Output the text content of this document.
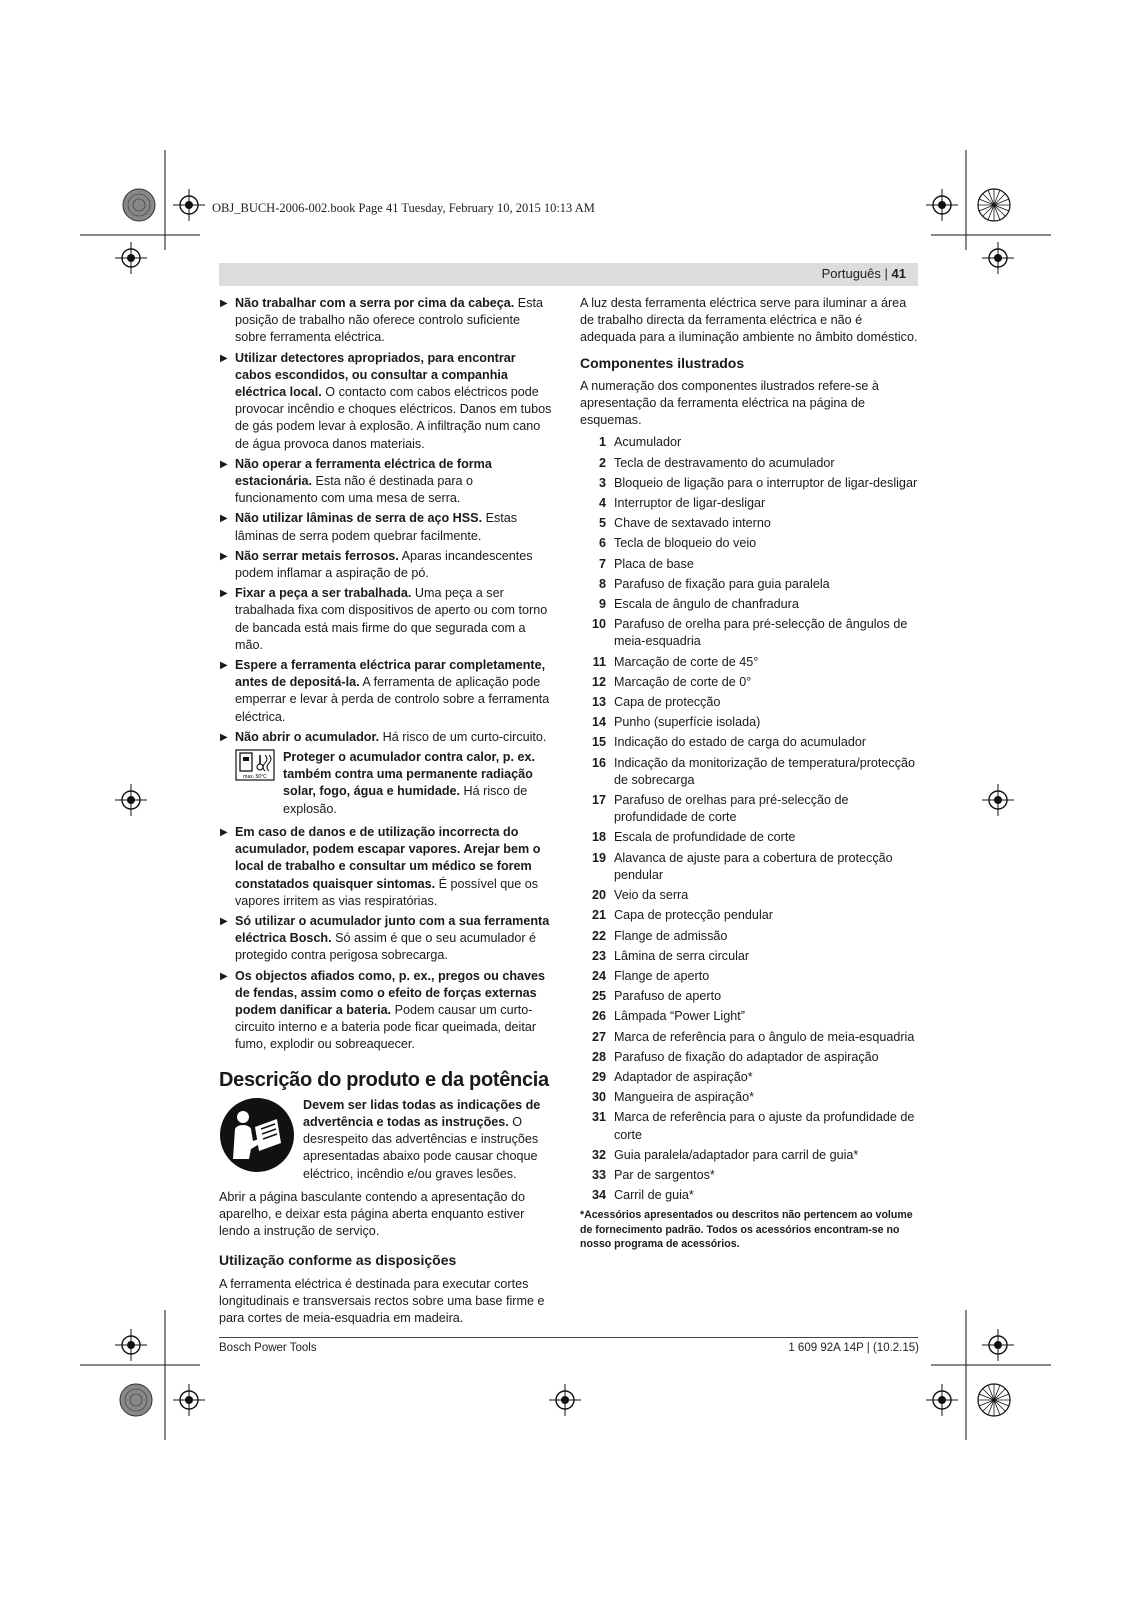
OBJ_BUCH-2006-002.book Page 41 Tuesday, February 10, 2015 10:13 AM
Português | 41
▶ Não trabalhar com a serra por cima da cabeça. Esta posição de trabalho não oferece controlo suficiente sobre ferramenta eléctrica.
▶ Utilizar detectores apropriados, para encontrar cabos escondidos, ou consultar a companhia eléctrica local. O contacto com cabos eléctricos pode provocar incêndio e choques eléctricos. Danos em tubos de gás podem levar à explosão. A infiltração num cano de água provoca danos materiais.
▶ Não operar a ferramenta eléctrica de forma estacionária. Esta não é destinada para o funcionamento com uma mesa de serra.
▶ Não utilizar lâminas de serra de aço HSS. Estas lâminas de serra podem quebrar facilmente.
▶ Não serrar metais ferrosos. Aparas incandescentes podem inflamar a aspiração de pó.
▶ Fixar a peça a ser trabalhada. Uma peça a ser trabalhada fixa com dispositivos de aperto ou com torno de bancada está mais firme do que segurada com a mão.
▶ Espere a ferramenta eléctrica parar completamente, antes de depositá-la. A ferramenta de aplicação pode emperrar e levar à perda de controlo sobre a ferramenta eléctrica.
▶ Não abrir o acumulador. Há risco de um curto-circuito.
max. 50°C
Proteger o acumulador contra calor, p. ex. também contra uma permanente radiação solar, fogo, água e humidade. Há risco de explosão.
▶ Em caso de danos e de utilização incorrecta do acumulador, podem escapar vapores. Arejar bem o local de trabalho e consultar um médico se forem constatados quaisquer sintomas. É possível que os vapores irritem as vias respiratórias.
▶ Só utilizar o acumulador junto com a sua ferramenta eléctrica Bosch. Só assim é que o seu acumulador é protegido contra perigosa sobrecarga.
▶ Os objectos afiados como, p. ex., pregos ou chaves de fendas, assim como o efeito de forças externas podem danificar a bateria. Podem causar um curto-circuito interno e a bateria pode ficar queimada, deitar fumo, explodir ou sobreaquecer.
Descrição do produto e da potência
Devem ser lidas todas as indicações de advertência e todas as instruções. O desrespeito das advertências e instruções apresentadas abaixo pode causar choque eléctrico, incêndio e/ou graves lesões.
Abrir a página basculante contendo a apresentação do aparelho, e deixar esta página aberta enquanto estiver lendo a instrução de serviço.
Utilização conforme as disposições
A ferramenta eléctrica é destinada para executar cortes longitudinais e transversais rectos sobre uma base firme e para cortes de meia-esquadria em madeira.
A luz desta ferramenta eléctrica serve para iluminar a área de trabalho directa da ferramenta eléctrica e não é adequada para a iluminação ambiente no âmbito doméstico.
Componentes ilustrados
A numeração dos componentes ilustrados refere-se à apresentação da ferramenta eléctrica na página de esquemas.
1 Acumulador
2 Tecla de destravamento do acumulador
3 Bloqueio de ligação para o interruptor de ligar-desligar
4 Interruptor de ligar-desligar
5 Chave de sextavado interno
6 Tecla de bloqueio do veio
7 Placa de base
8 Parafuso de fixação para guia paralela
9 Escala de ângulo de chanfradura
10 Parafuso de orelha para pré-selecção de ângulos de meia-esquadria
11 Marcação de corte de 45°
12 Marcação de corte de 0°
13 Capa de protecção
14 Punho (superfície isolada)
15 Indicação do estado de carga do acumulador
16 Indicação da monitorização de temperatura/protecção de sobrecarga
17 Parafuso de orelhas para pré-selecção de profundidade de corte
18 Escala de profundidade de corte
19 Alavanca de ajuste para a cobertura de protecção pendular
20 Veio da serra
21 Capa de protecção pendular
22 Flange de admissão
23 Lâmina de serra circular
24 Flange de aperto
25 Parafuso de aperto
26 Lâmpada “Power Light”
27 Marca de referência para o ângulo de meia-esquadria
28 Parafuso de fixação do adaptador de aspiração
29 Adaptador de aspiração*
30 Mangueira de aspiração*
31 Marca de referência para o ajuste da profundidade de corte
32 Guia paralela/adaptador para carril de guia*
33 Par de sargentos*
34 Carril de guia*
*Acessórios apresentados ou descritos não pertencem ao volume de fornecimento padrão. Todos os acessórios encontram-se no nosso programa de acessórios.
Bosch Power Tools	1 609 92A 14P | (10.2.15)
